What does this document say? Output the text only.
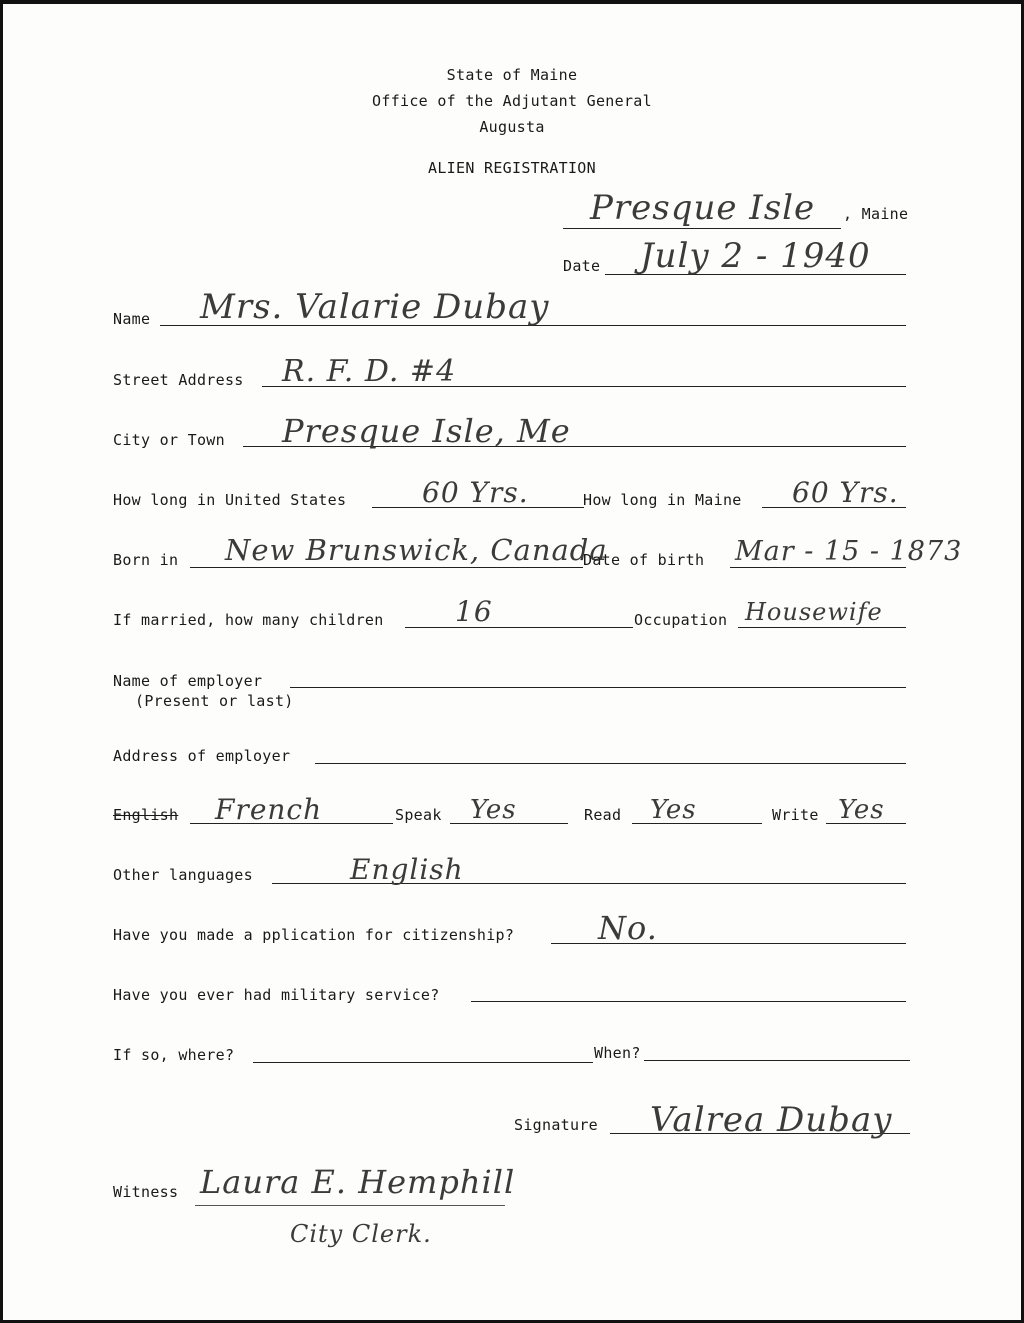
State of Maine
Office of the Adjutant General
Augusta
ALIEN REGISTRATION
Presque Isle , Maine
Date July 2 - 1940
Name Mrs. Valarie Dubay
Street Address R. F. D. #4
City or Town Presque Isle, Me
How long in United States	60 Yrs.	How long in Maine 60 Yrs.
Born in New Brunswick, Canada
Date of birth Mar - 15 - 1873
If married, how many children	16	Occupation Housewife
Name of employer
(Present or last)
Address of employer
English French	Speak Yes	Read Yes	Write Yes
Other languages	English
Have you made a pplication for citizenship?	No.
Have you ever had military service?
If so, where?	When?
Signature Valrea Dubay
Witness Laura E. Hemphill
City Clerk.
